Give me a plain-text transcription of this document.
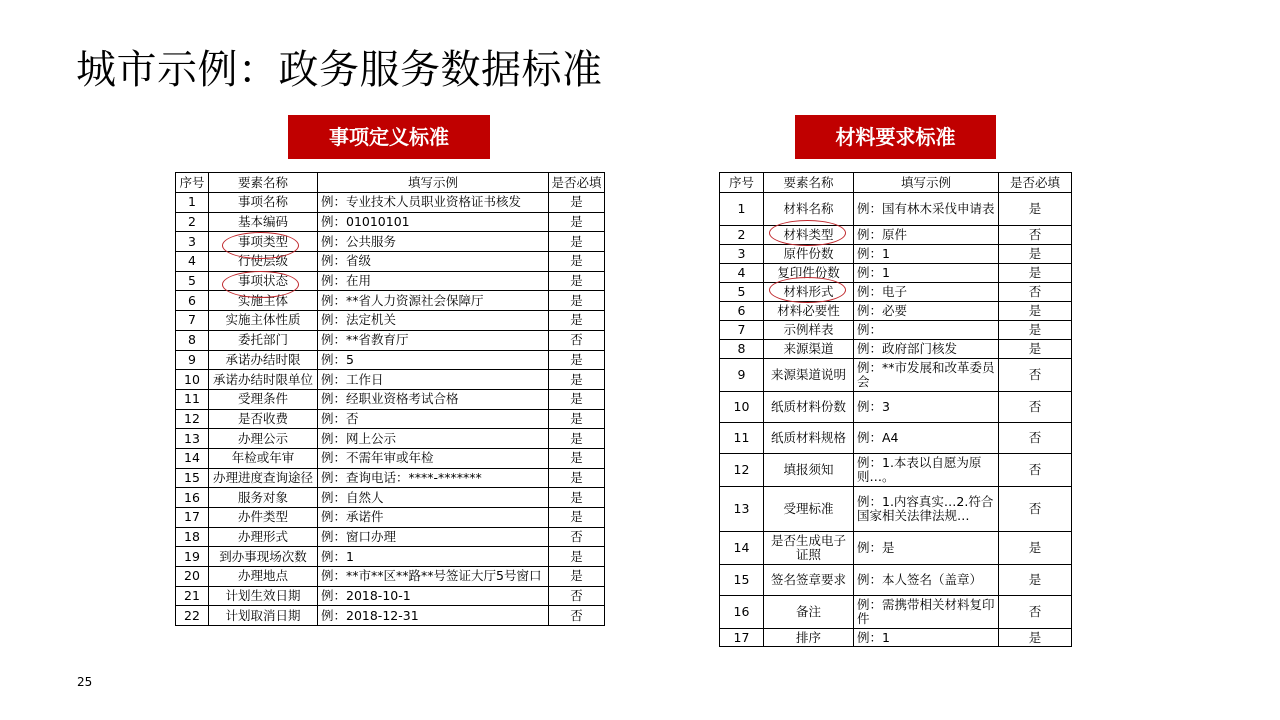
城市示例：政务服务数据标准
事项定义标准	材料要求标准
序号	要素名称	填写示例	是否必填
1	事项名称	例：专业技术人员职业资格证书核发	是
2	基本编码	例：01010101	是
3	事项类型	例：公共服务	是
4	行使层级	例：省级	是
5	事项状态	例：在用	是
6	实施主体	例：**省人力资源社会保障厅	是
7	实施主体性质	例：法定机关	是
8	委托部门	例：**省教育厅	否
9	承诺办结时限	例：5	是
10	承诺办结时限单位	例：工作日	是
11	受理条件	例：经职业资格考试合格	是
12	是否收费	例：否	是
13	办理公示	例：网上公示	是
14	年检或年审	例：不需年审或年检	是
15	办理进度查询途径	例：查询电话：****-*******	是
16	服务对象	例：自然人	是
17	办件类型	例：承诺件	是
18	办理形式	例：窗口办理	否
19	到办事现场次数	例：1	是
20	办理地点	例：**市**区**路**号签证大厅5号窗口	是
21	计划生效日期	例：2018-10-1	否
22	计划取消日期	例：2018-12-31	否
序号	要素名称	填写示例	是否必填
1	材料名称	例：国有林木采伐申请表	是
2	材料类型	例：原件	否
3	原件份数	例：1	是
4	复印件份数	例：1	是
5	材料形式	例：电子	否
6	材料必要性	例：必要	是
7	示例样表	例：	是
8	来源渠道	例：政府部门核发	是
9	来源渠道说明	例：**市发展和改革委员会	否
10	纸质材料份数	例：3	否
11	纸质材料规格	例：A4	否
12	填报须知	例：1.本表以自愿为原则…。	否
13	受理标准	例：1.内容真实…2.符合国家相关法律法规…	否
14	是否生成电子证照	例：是	是
15	签名签章要求	例：本人签名（盖章）	是
16	备注	例：需携带相关材料复印件	否
17	排序	例：1	是
25
